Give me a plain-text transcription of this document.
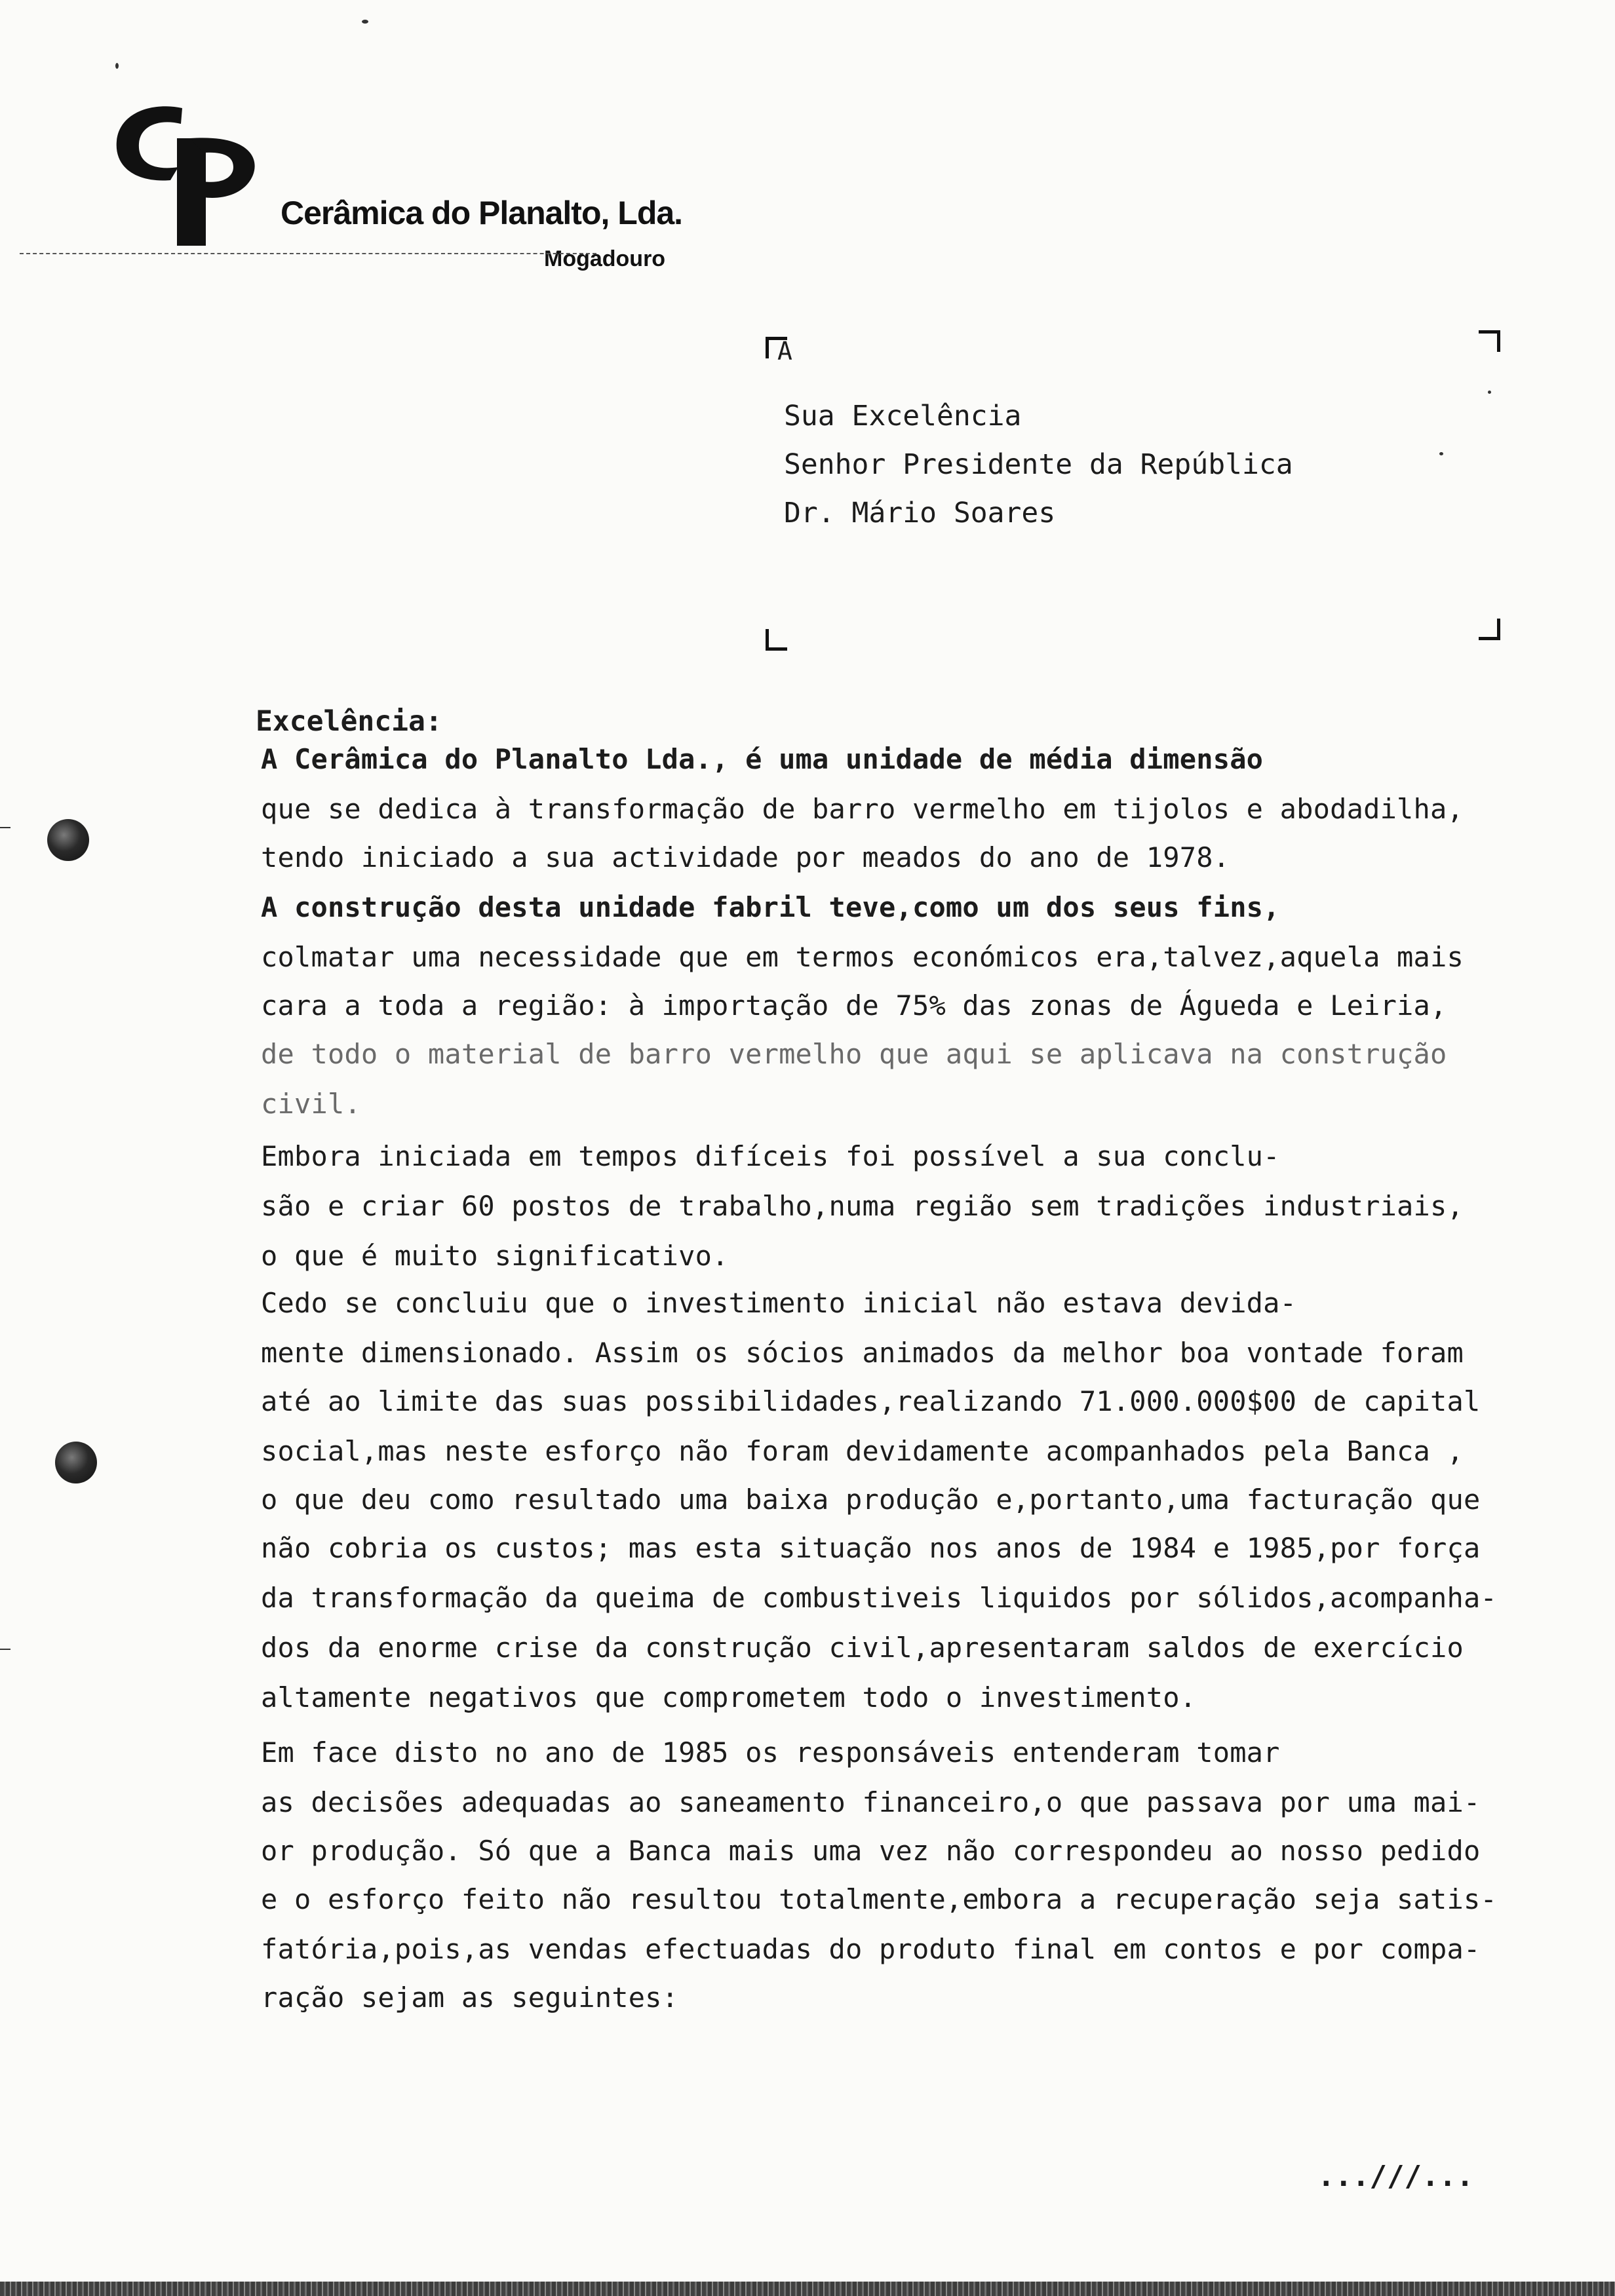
Cerâmica do Planalto, Lda.
Mogadouro
A
Sua Excelência
Senhor Presidente da República
Dr. Mário Soares
Excelência:
A Cerâmica do Planalto Lda., é uma unidade de média dimensão
que se dedica à transformação de barro vermelho em tijolos e abodadilha,
tendo iniciado a sua actividade por meados do ano de 1978.
A construção desta unidade fabril teve,como um dos seus fins,
colmatar uma necessidade que em termos económicos era,talvez,aquela mais
cara a toda a região: à importação de 75% das zonas de Águeda e Leiria,
de todo o material de barro vermelho que aqui se aplicava na construção
civil.
Embora iniciada em tempos difíceis foi possível a sua conclu-
são e criar 60 postos de trabalho,numa região sem tradições industriais,
o que é muito significativo.
Cedo se concluiu que o investimento inicial não estava devida-
mente dimensionado. Assim os sócios animados da melhor boa vontade foram
até ao limite das suas possibilidades,realizando 71.000.000$00 de capital
social,mas neste esforço não foram devidamente acompanhados pela Banca ,
o que deu como resultado uma baixa produção e,portanto,uma facturação que
não cobria os custos; mas esta situação nos anos de 1984 e 1985,por força
da transformação da queima de combustiveis liquidos por sólidos,acompanha-
dos da enorme crise da construção civil,apresentaram saldos de exercício
altamente negativos que comprometem todo o investimento.
Em face disto no ano de 1985 os responsáveis entenderam tomar
as decisões adequadas ao saneamento financeiro,o que passava por uma mai-
or produção. Só que a Banca mais uma vez não correspondeu ao nosso pedido
e o esforço feito não resultou totalmente,embora a recuperação seja satis-
fatória,pois,as vendas efectuadas do produto final em contos e por compa-
ração sejam as seguintes:
...///...
